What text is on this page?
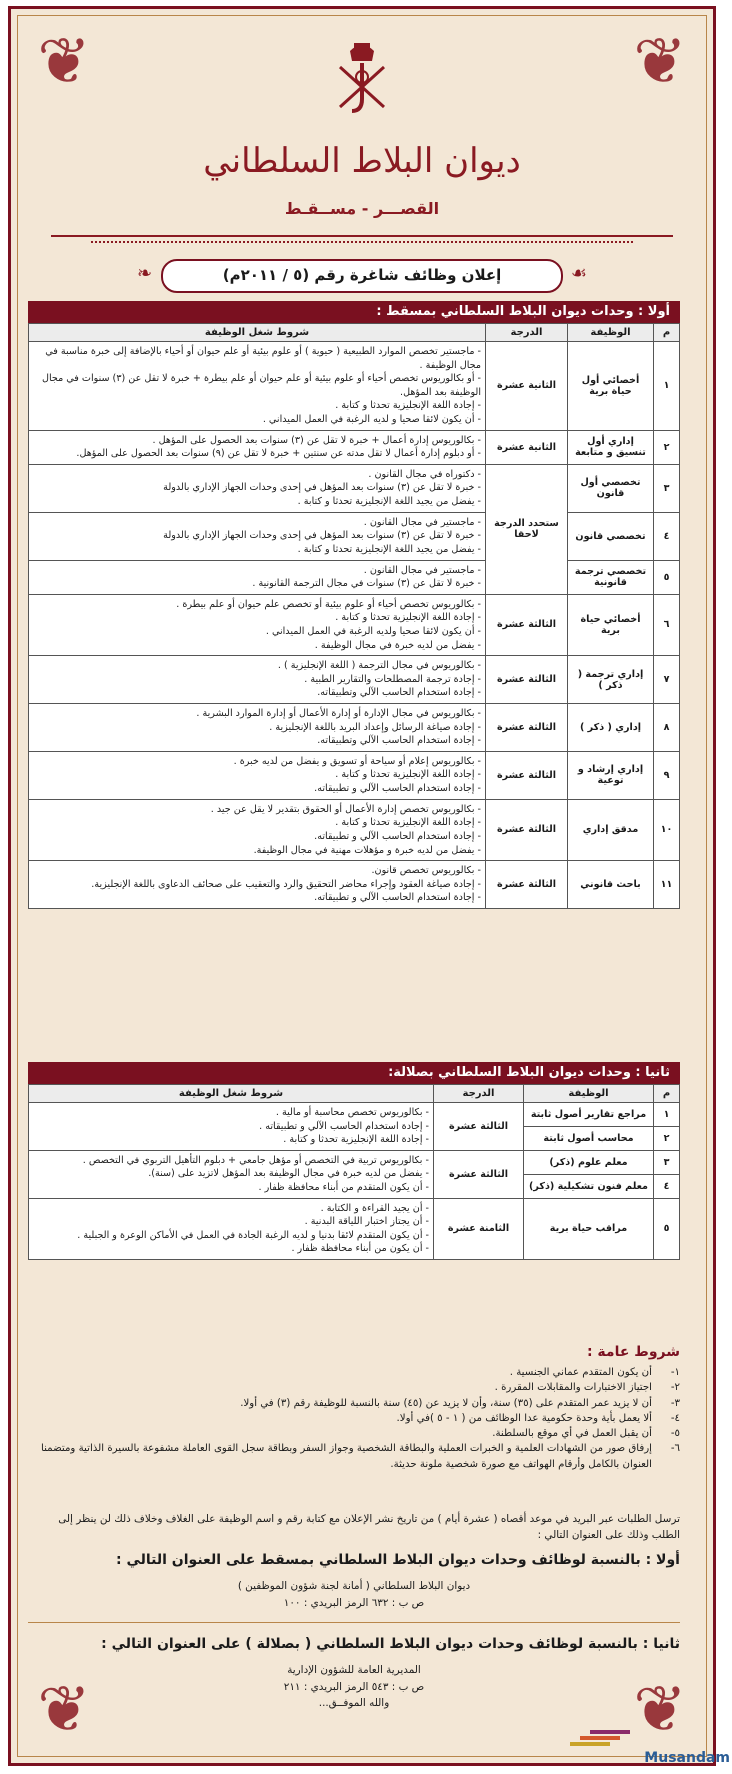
❦	❦
❦	❦
ديوان البلاط السلطاني
القصـــر - مســقـط
❧	☙
إعلان وظائف شاغرة رقم (٥ / ٢٠١١م)
أولا : وحدات ديوان البلاط السلطاني بمسقط :
م	الوظيفة	الدرجة	شروط شغل الوظيفة
١	أخصائي أول حياة برية	الثانية عشرة	- ماجستير تخصص الموارد الطبيعية ( حيوية ) أو علوم بيئية أو علم حيوان أو أحياء بالإضافة إلى خبرة مناسبة في مجال الوظيفة .
- أو بكالوريوس تخصص أحياء أو علوم بيئية أو علم حيوان أو علم بيطرة + خبرة لا تقل عن (٣) سنوات في مجال الوظيفة بعد المؤهل.
- إجادة اللغة الإنجليزية تحدثا و كتابة .
- أن يكون لائقا صحيا و لديه الرغبة في العمل الميداني .

٢	إداري أول تنسيق و متابعة	الثانية عشرة	- بكالوريوس إدارة أعمال + خبرة لا تقل عن (٣) سنوات بعد الحصول على المؤهل .
- أو دبلوم إدارة أعمال لا تقل مدته عن سنتين + خبرة لا تقل عن (٩) سنوات بعد الحصول على المؤهل.

٣	تخصصي أول قانون	ستحدد الدرجة لاحقا	- دكتوراه في مجال القانون .
- خبرة لا تقل عن (٣) سنوات بعد المؤهل في إحدى وحدات الجهاز الإداري بالدولة
- يفضل من يجيد اللغة الإنجليزية تحدثا و كتابة .

٤	تخصصي قانون		- ماجستير في مجال القانون .
- خبرة لا تقل عن (٣) سنوات بعد المؤهل في إحدى وحدات الجهاز الإداري بالدولة
- يفضل من يجيد اللغة الإنجليزية تحدثا و كتابة .

٥	تخصصي ترجمة قانونية		- ماجستير في مجال القانون .
- خبرة لا تقل عن (٣) سنوات في مجال الترجمة القانونية .

٦	أخصائي حياة برية	الثالثة عشرة	- بكالوريوس تخصص أحياء أو علوم بيئية أو تخصص علم حيوان أو علم بيطرة .
- إجادة اللغة الإنجليزية تحدثا و كتابة .
- أن يكون لائقا صحيا ولديه الرغبة في العمل الميداني .
- يفضل من لديه خبرة في مجال الوظيفة .

٧	إداري ترجمة ( ذكر )	الثالثة عشرة	- بكالوريوس في مجال الترجمة ( اللغة الإنجليزية ) .
- إجادة ترجمة المصطلحات والتقارير الطبية .
- إجادة استخدام الحاسب الآلي وتطبيقاته.

٨	إداري ( ذكر )	الثالثة عشرة	- بكالوريوس في مجال الإدارة أو إدارة الأعمال أو إدارة الموارد البشرية .
- إجادة صياغة الرسائل وإعداد البريد باللغة الإنجليزية .
- إجادة استخدام الحاسب الآلي وتطبيقاته.

٩	إداري إرشاد و توعية	الثالثة عشرة	- بكالوريوس إعلام أو سياحة أو تسويق و يفضل من لديه خبرة .
- إجادة اللغة الإنجليزية تحدثا و كتابة .
- إجادة استخدام الحاسب الآلي و تطبيقاته.

١٠	مدقق إداري	الثالثة عشرة	- بكالوريوس تخصص إدارة الأعمال أو الحقوق بتقدير لا يقل عن جيد .
- إجادة اللغة الإنجليزية تحدثا و كتابة .
- إجادة استخدام الحاسب الآلي و تطبيقاته.
- يفضل من لديه خبرة و مؤهلات مهنية في مجال الوظيفة.

١١	باحث قانوني	الثالثة عشرة	- بكالوريوس تخصص قانون.
- إجادة صياغة العقود وإجراء محاضر التحقيق والرد والتعقيب على صحائف الدعاوى باللغة الإنجليزية.
- إجادة استخدام الحاسب الآلي و تطبيقاته.
ثانيا : وحدات ديوان البلاط السلطاني بصلالة:
م	الوظيفة	الدرجة	شروط شغل الوظيفة
١	مراجع تقارير أصول ثابتة	الثالثة عشرة	- بكالوريوس تخصص محاسبة أو مالية .
- إجادة استخدام الحاسب الآلي و تطبيقاته .
- إجادة اللغة الإنجليزية تحدثا و كتابة .

٢	محاسب أصول ثابتة		
٣	معلم علوم (ذكر)	الثالثة عشرة	- بكالوريوس تربية في التخصص أو مؤهل جامعي + دبلوم التأهيل التربوي في التخصص .
- يفضل من لديه خبرة في مجال الوظيفة بعد المؤهل لاتزيد على (سنة).
- أن يكون المتقدم من أبناء محافظة ظفار .

٤	معلم فنون تشكيلية (ذكر)		
٥	مراقب حياة برية	الثامنة عشرة	- أن يجيد القراءة و الكتابة .
- أن يجتاز اختبار اللياقة البدنية .
- أن يكون المتقدم لائقا بدنيا و لديه الرغبة الجادة في العمل في الأماكن الوعرة و الجبلية .
- أن يكون من أبناء محافظة ظفار .
شروط عامة :
١-
أن يكون المتقدم عماني الجنسية .
٢-
اجتياز الاختبارات والمقابلات المقررة .
٣-
أن لا يزيد عمر المتقدم على (٣٥) سنة، وأن لا يزيد عن (٤٥) سنة بالنسبة للوظيفة رقم (٣) في أولا.
٤-
ألا يعمل بأية وحدة حكومية عدا الوظائف من ( ١ - ٥ )في أولا.
٥-
أن يقبل العمل في أي موقع بالسلطنة.
٦-
إرفاق صور من الشهادات العلمية و الخبرات العملية والبطاقة الشخصية وجواز السفر وبطاقة سجل القوى العاملة مشفوعة بالسيرة الذاتية ومتضمنا العنوان بالكامل وأرقام الهواتف مع صورة شخصية ملونة حديثة.
ترسل الطلبات عبر البريد في موعد أقصاه ( عشرة أيام ) من تاريخ نشر الإعلان مع كتابة رقم و اسم الوظيفة على الغلاف وخلاف ذلك لن ينظر إلى الطلب وذلك على العنوان التالي :
أولا : بالنسبة لوظائف وحدات ديوان البلاط السلطاني بمسقط على العنوان التالي :
ديوان البلاط السلطاني ( أمانة لجنة شؤون الموظفين )
ص ب : ٦٣٢ الرمز البريدي : ١٠٠
ثانيا : بالنسبة لوظائف وحدات ديوان البلاط السلطاني ( بصلالة ) على العنوان التالي :
المديرية العامة للشؤون الإدارية
ص ب : ٥٤٣ الرمز البريدي : ٢١١
والله الموفــق...
Musandam
